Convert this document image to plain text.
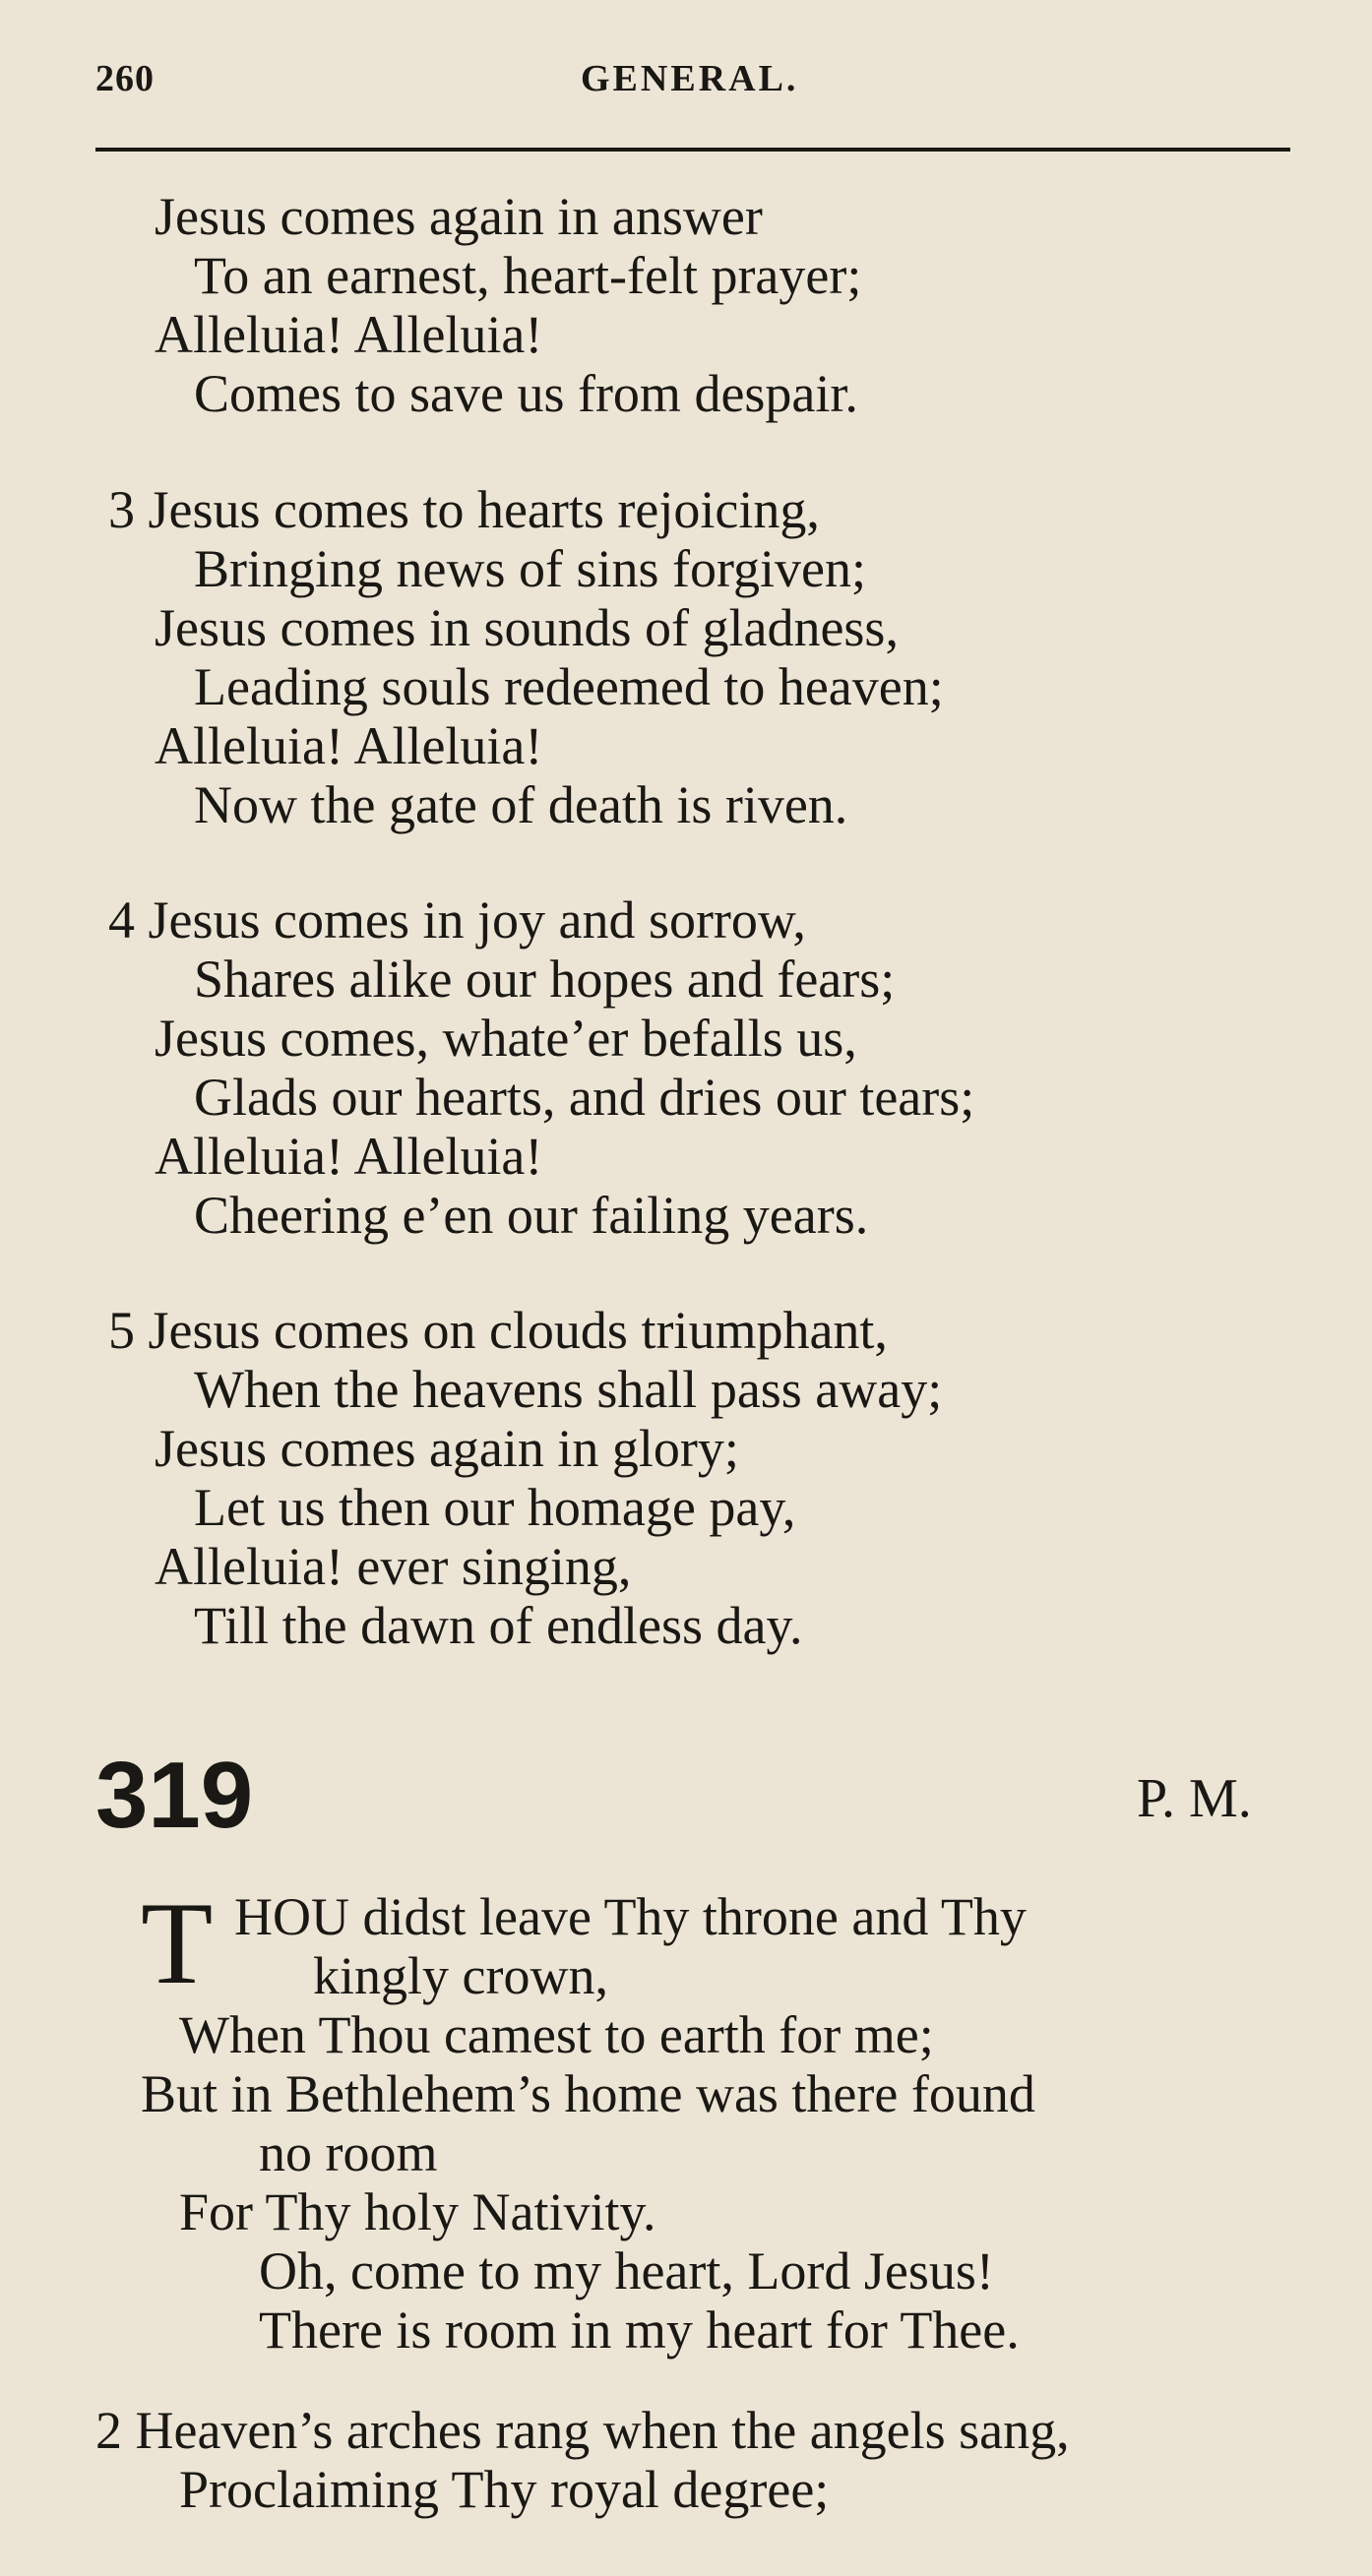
260	GENERAL.
Jesus comes again in answer
To an earnest, heart-felt prayer;
Alleluia! Alleluia!
Comes to save us from despair.
3 Jesus comes to hearts rejoicing,
Bringing news of sins forgiven;
Jesus comes in sounds of gladness,
Leading souls redeemed to heaven;
Alleluia! Alleluia!
Now the gate of death is riven.
4 Jesus comes in joy and sorrow,
Shares alike our hopes and fears;
Jesus comes, whate’er befalls us,
Glads our hearts, and dries our tears;
Alleluia! Alleluia!
Cheering e’en our failing years.
5 Jesus comes on clouds triumphant,
When the heavens shall pass away;
Jesus comes again in glory;
Let us then our homage pay,
Alleluia! ever singing,
Till the dawn of endless day.
319	P. M.
T HOU didst leave Thy throne and Thy
kingly crown,
When Thou camest to earth for me;
But in Bethlehem’s home was there found
no room
For Thy holy Nativity.
Oh, come to my heart, Lord Jesus!
There is room in my heart for Thee.
2 Heaven’s arches rang when the angels sang,
Proclaiming Thy royal degree;
